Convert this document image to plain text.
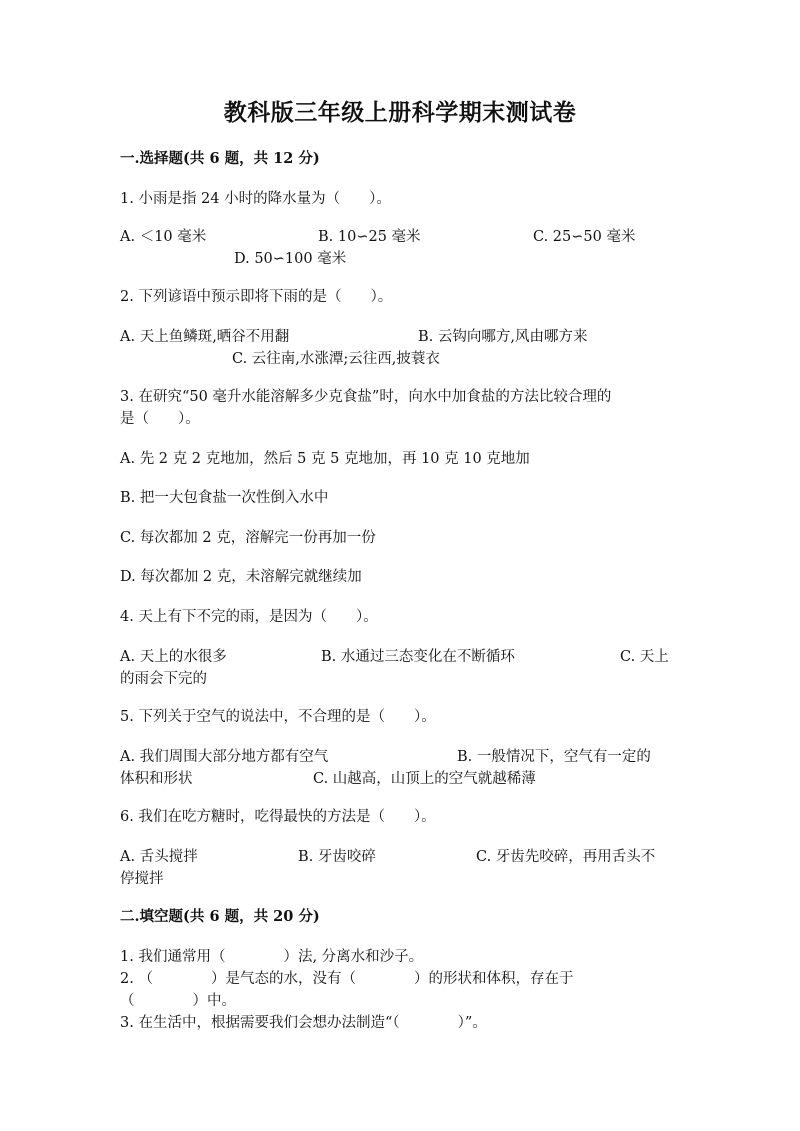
教科版三年级上册科学期末测试卷
一.选择题(共 6 题，共 12 分)
1. 小雨是指 24 小时的降水量为（　　）。
A. ＜10 毫米	B. 10∽25 毫米	C. 25∽50 毫米
D. 50∽100 毫米
2. 下列谚语中预示即将下雨的是（　　）。
A. 天上鱼鳞斑,晒谷不用翻	B. 云钩向哪方,风由哪方来
C. 云往南,水涨潭;云往西,披蓑衣
3. 在研究“50 毫升水能溶解多少克食盐”时，向水中加食盐的方法比较合理的
是（　　）。
A. 先 2 克 2 克地加，然后 5 克 5 克地加，再 10 克 10 克地加
B. 把一大包食盐一次性倒入水中
C. 每次都加 2 克，溶解完一份再加一份
D. 每次都加 2 克，未溶解完就继续加
4. 天上有下不完的雨，是因为（　　）。
A. 天上的水很多	B. 水通过三态变化在不断循环	C. 天上
的雨会下完的
5. 下列关于空气的说法中，不合理的是（　　）。
A. 我们周围大部分地方都有空气	B. 一般情况下，空气有一定的
体积和形状	C. 山越高，山顶上的空气就越稀薄
6. 我们在吃方糖时，吃得最快的方法是（　　）。
A. 舌头搅拌	B. 牙齿咬碎	C. 牙齿先咬碎，再用舌头不
停搅拌
二.填空题(共 6 题，共 20 分)
1. 我们通常用（　　　　）法, 分离水和沙子。
2. （　　　　）是气态的水，没有（　　　　）的形状和体积，存在于
（　　　　）中。
3. 在生活中，根据需要我们会想办法制造“（　　　　）”。
